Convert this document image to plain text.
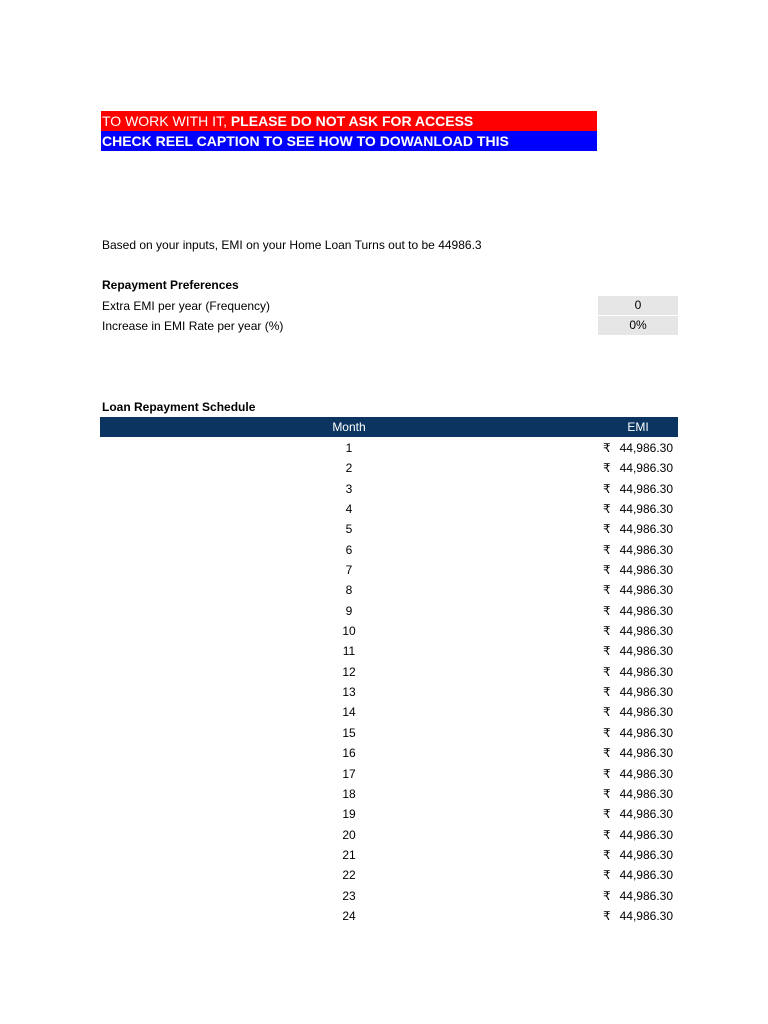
TO WORK WITH IT, PLEASE DO NOT ASK FOR ACCESS
CHECK REEL CAPTION TO SEE HOW TO DOWANLOAD THIS
Based on your inputs, EMI on your Home Loan Turns out to be 44986.3
Repayment Preferences
Extra EMI per year (Frequency)	0
Increase in EMI Rate per year (%)	0%
Loan Repayment Schedule
Month	EMI
1	₹ 44,986.30
2	₹ 44,986.30
3	₹ 44,986.30
4	₹ 44,986.30
5	₹ 44,986.30
6	₹ 44,986.30
7	₹ 44,986.30
8	₹ 44,986.30
9	₹ 44,986.30
10	₹ 44,986.30
11	₹ 44,986.30
12	₹ 44,986.30
13	₹ 44,986.30
14	₹ 44,986.30
15	₹ 44,986.30
16	₹ 44,986.30
17	₹ 44,986.30
18	₹ 44,986.30
19	₹ 44,986.30
20	₹ 44,986.30
21	₹ 44,986.30
22	₹ 44,986.30
23	₹ 44,986.30
24	₹ 44,986.30
